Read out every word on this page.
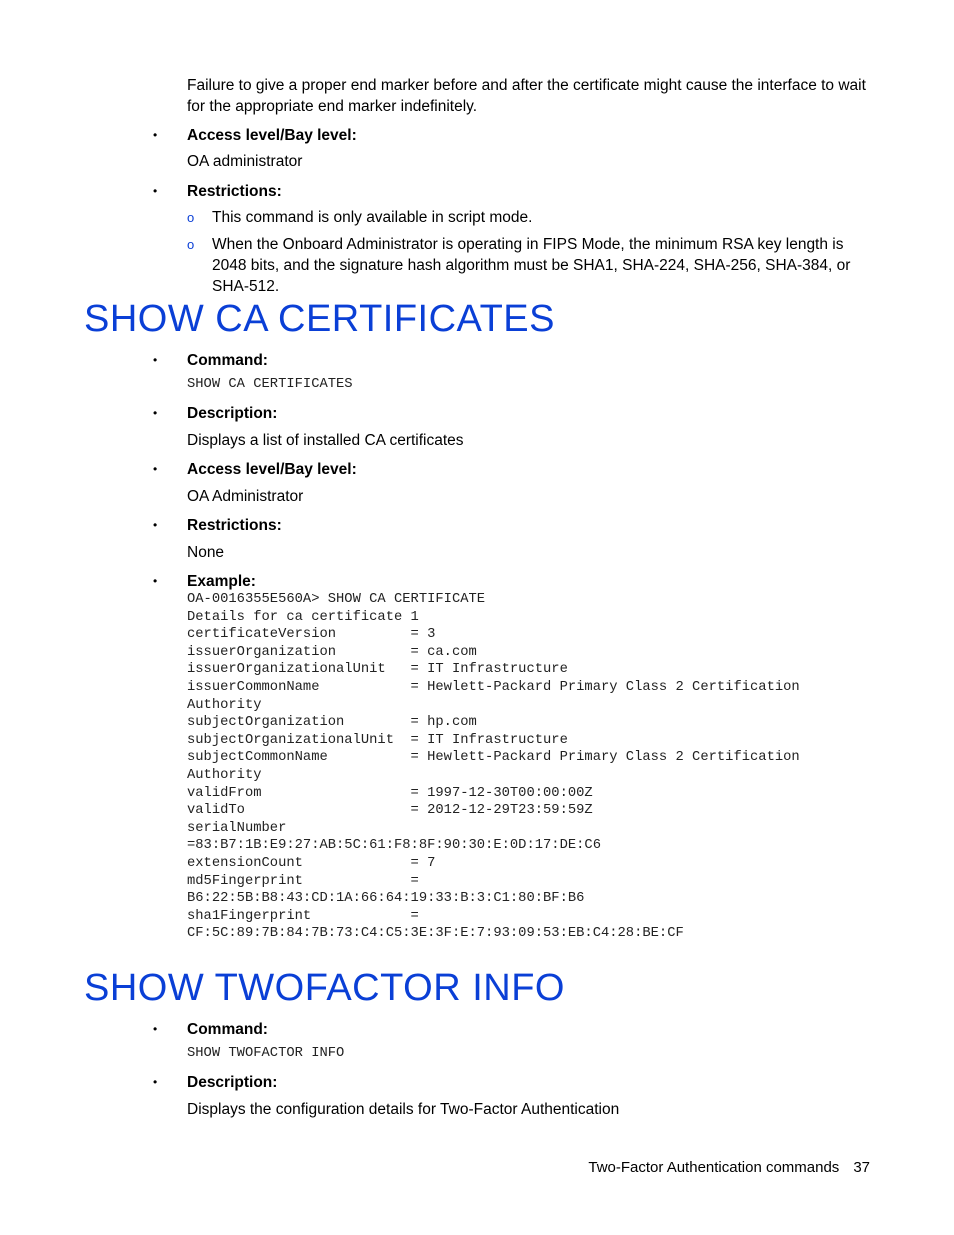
Failure to give a proper end marker before and after the certificate might cause the interface to wait for the appropriate end marker indefinitely.
• Access level/Bay level:
OA administrator
• Restrictions:
o This command is only available in script mode.
o When the Onboard Administrator is operating in FIPS Mode, the minimum RSA key length is 2048 bits, and the signature hash algorithm must be SHA1, SHA-224, SHA-256, SHA-384, or SHA-512.
SHOW CA CERTIFICATES
• Command:
SHOW CA CERTIFICATES
• Description:
Displays a list of installed CA certificates
• Access level/Bay level:
OA Administrator
• Restrictions:
None
• Example:
OA-0016355E560A> SHOW CA CERTIFICATE
Details for ca certificate 1
certificateVersion         = 3
issuerOrganization         = ca.com
issuerOrganizationalUnit   = IT Infrastructure
issuerCommonName           = Hewlett-Packard Primary Class 2 Certification
Authority
subjectOrganization        = hp.com
subjectOrganizationalUnit  = IT Infrastructure
subjectCommonName          = Hewlett-Packard Primary Class 2 Certification
Authority
validFrom                  = 1997-12-30T00:00:00Z
validTo                    = 2012-12-29T23:59:59Z
serialNumber
=83:B7:1B:E9:27:AB:5C:61:F8:8F:90:30:E:0D:17:DE:C6
extensionCount             = 7
md5Fingerprint             =
B6:22:5B:B8:43:CD:1A:66:64:19:33:B:3:C1:80:BF:B6
sha1Fingerprint            =
CF:5C:89:7B:84:7B:73:C4:C5:3E:3F:E:7:93:09:53:EB:C4:28:BE:CF
SHOW TWOFACTOR INFO
• Command:
SHOW TWOFACTOR INFO
• Description:
Displays the configuration details for Two-Factor Authentication
Two-Factor Authentication commands 37
